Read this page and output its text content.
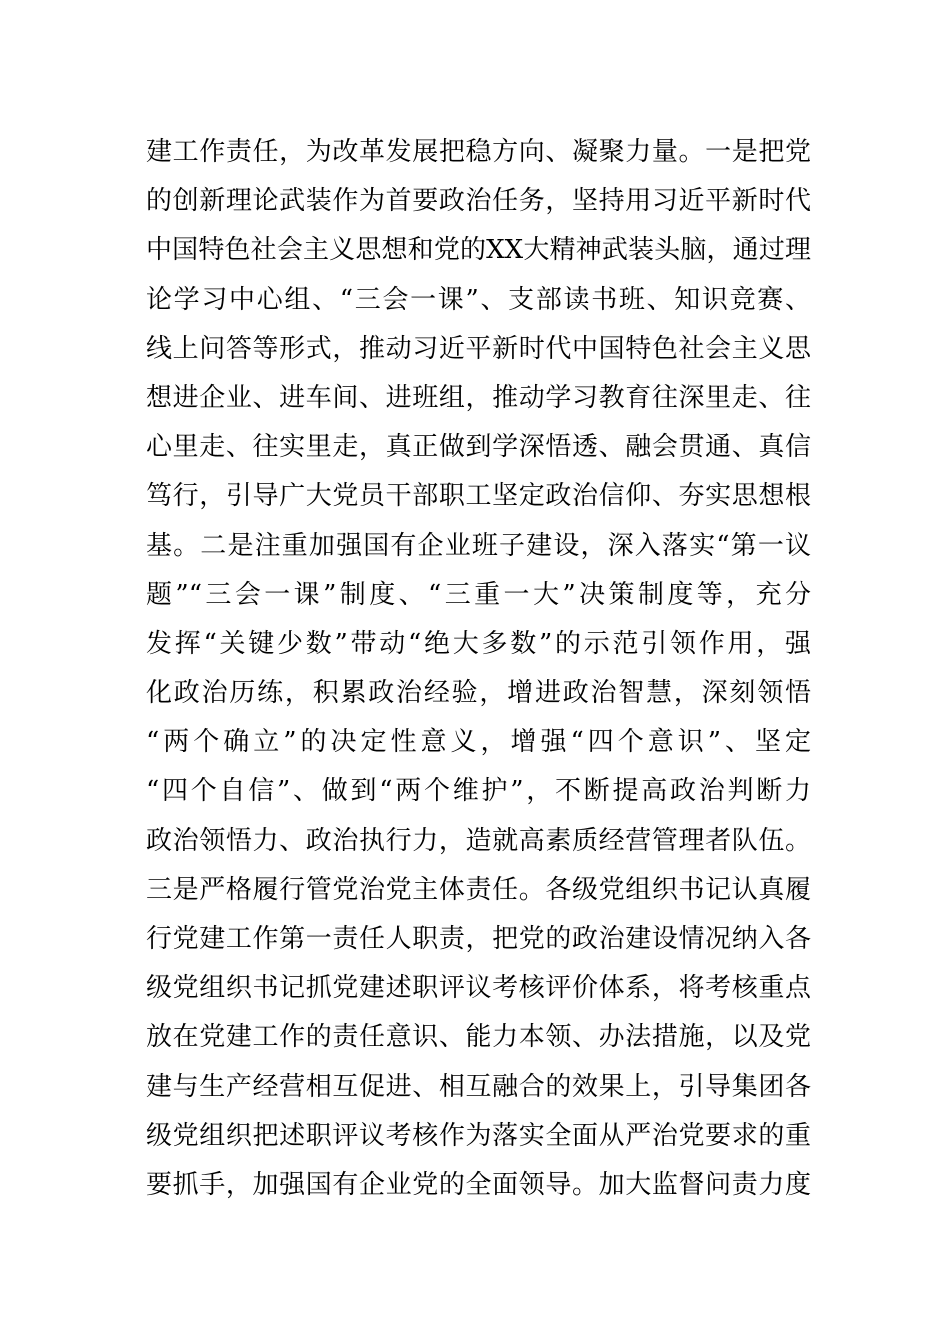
建工作责任，为改革发展把稳方向、凝聚力量。一是把党
的创新理论武装作为首要政治任务，坚持用习近平新时代
中国特色社会主义思想和党的XX大精神武装头脑，通过理
论学习中心组、“三会一课”、支部读书班、知识竞赛、
线上问答等形式，推动习近平新时代中国特色社会主义思
想进企业、进车间、进班组，推动学习教育往深里走、往
心里走、往实里走，真正做到学深悟透、融会贯通、真信
笃行，引导广大党员干部职工坚定政治信仰、夯实思想根
基。二是注重加强国有企业班子建设，深入落实“第一议
题”“三会一课”制度、“三重一大”决策制度等，充分
发挥“关键少数”带动“绝大多数”的示范引领作用，强
化政治历练，积累政治经验，增进政治智慧，深刻领悟
“两个确立”的决定性意义，增强“四个意识”、坚定
“四个自信”、做到“两个维护”，不断提高政治判断力
政治领悟力、政治执行力，造就高素质经营管理者队伍。
三是严格履行管党治党主体责任。各级党组织书记认真履
行党建工作第一责任人职责，把党的政治建设情况纳入各
级党组织书记抓党建述职评议考核评价体系，将考核重点
放在党建工作的责任意识、能力本领、办法措施，以及党
建与生产经营相互促进、相互融合的效果上，引导集团各
级党组织把述职评议考核作为落实全面从严治党要求的重
要抓手，加强国有企业党的全面领导。加大监督问责力度
